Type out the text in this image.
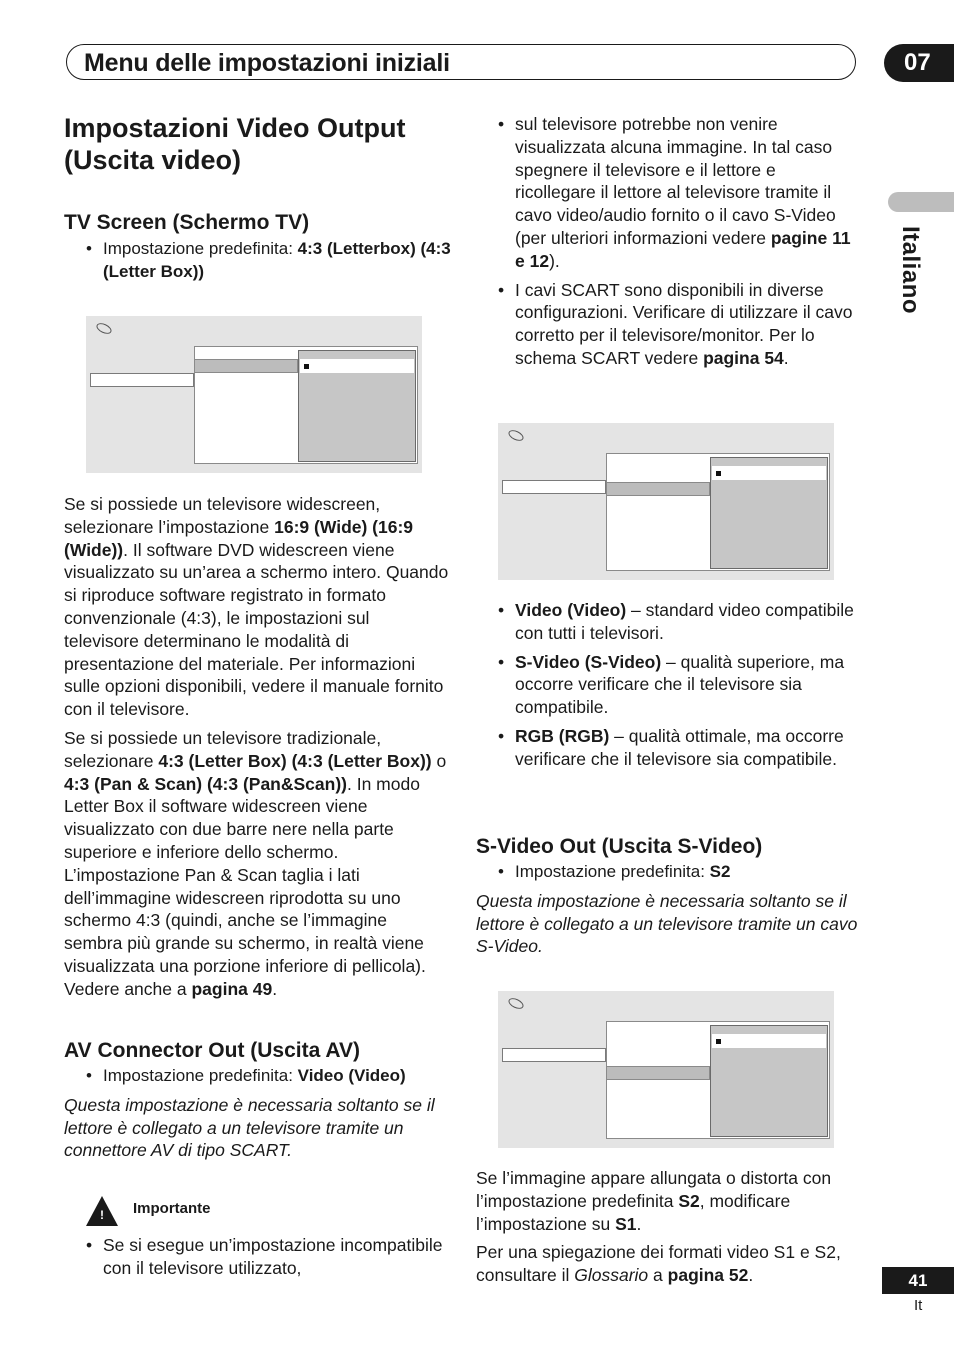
Menu delle impostazioni iniziali	07
Italiano
Impostazioni Video Output (Uscita video)
TV Screen (Schermo TV)
• Impostazione predefinita: 4:3 (Letterbox) (4:3 (Letter Box))

Se si possiede un televisore widescreen, selezionare l’impostazione 16:9 (Wide) (16:9 (Wide)). Il software DVD widescreen viene visualizzato su un’area a schermo intero. Quando si riproduce software registrato in formato convenzionale (4:3), le impostazioni sul televisore determinano le modalità di presentazione del materiale. Per informazioni sulle opzioni disponibili, vedere il manuale fornito con il televisore.

Se si possiede un televisore tradizionale, selezionare 4:3 (Letter Box) (4:3 (Letter Box)) o 4:3 (Pan & Scan) (4:3 (Pan&Scan)). In modo Letter Box il software widescreen viene visualizzato con due barre nere nella parte superiore e inferiore dello schermo. L’impostazione Pan & Scan taglia i lati dell’immagine widescreen riprodotta su uno schermo 4:3 (quindi, anche se l’immagine sembra più grande su schermo, in realtà viene visualizzata una porzione inferiore di pellicola). Vedere anche a pagina 49.

AV Connector Out (Uscita AV)
• Impostazione predefinita: Video (Video)

Questa impostazione è necessaria soltanto se il lettore è collegato a un televisore tramite un connettore AV di tipo SCART.

! Importante
• Se si esegue un’impostazione incompatibile con il televisore utilizzato,
• sul televisore potrebbe non venire visualizzata alcuna immagine. In tal caso spegnere il televisore e il lettore e ricollegare il lettore al televisore tramite il cavo video/audio fornito o il cavo S-Video (per ulteriori informazioni vedere pagine 11 e 12).
• I cavi SCART sono disponibili in diverse configurazioni. Verificare di utilizzare il cavo corretto per il televisore/monitor. Per lo schema SCART vedere pagina 54.
• Video (Video) – standard video compatibile con tutti i televisori.
• S-Video (S-Video) – qualità superiore, ma occorre verificare che il televisore sia compatibile.
• RGB (RGB) – qualità ottimale, ma occorre verificare che il televisore sia compatibile.
S-Video Out (Uscita S-Video)
• Impostazione predefinita: S2

Questa impostazione è necessaria soltanto se il lettore è collegato a un televisore tramite un cavo S-Video.

Se l’immagine appare allungata o distorta con l’impostazione predefinita S2, modificare l’impostazione su S1.

Per una spiegazione dei formati video S1 e S2, consultare il Glossario a pagina 52.	41
It
